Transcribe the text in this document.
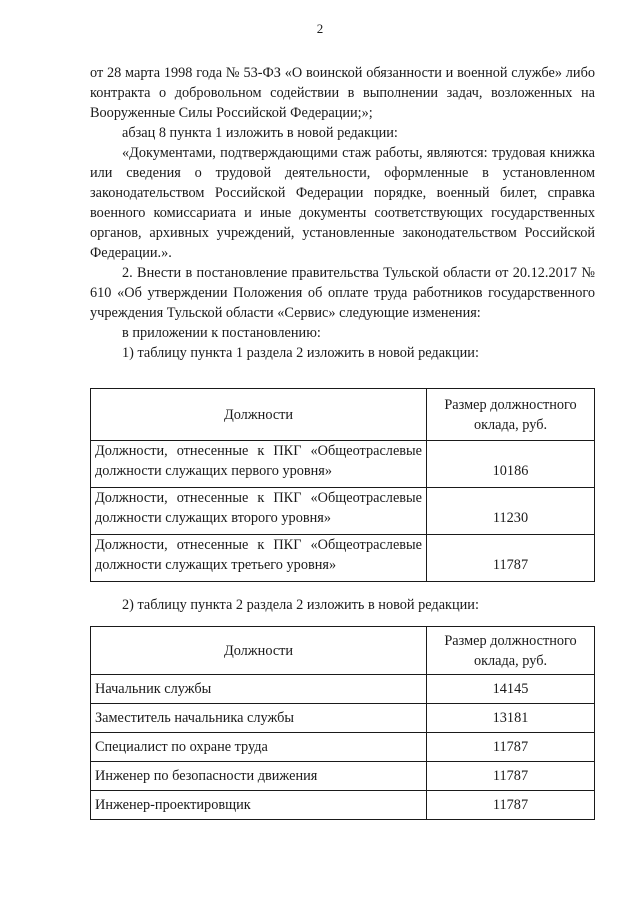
2

от 28 марта 1998 года № 53-ФЗ «О воинской обязанности и военной службе» либо контракта о добровольном содействии в выполнении задач, возложенных на Вооруженные Силы Российской Федерации;»;

абзац 8 пункта 1 изложить в новой редакции:

«Документами, подтверждающими стаж работы, являются: трудовая книжка или сведения о трудовой деятельности, оформленные в установленном законодательством Российской Федерации порядке, военный билет, справка военного комиссариата и иные документы соответствующих государственных органов, архивных учреждений, установленные законодательством Российской Федерации.».

2. Внести в постановление правительства Тульской области от 20.12.2017 № 610 «Об утверждении Положения об оплате труда работников государственного учреждения Тульской области «Сервис» следующие изменения:

в приложении к постановлению:

1) таблицу пункта 1 раздела 2 изложить в новой редакции:

Должности	Размер должностного оклада, руб.
Должности, отнесенные к ПКГ «Общеотраслевые должности служащих первого уровня»	10186
Должности, отнесенные к ПКГ «Общеотраслевые должности служащих второго уровня»	11230
Должности, отнесенные к ПКГ «Общеотраслевые должности служащих третьего уровня»	11787
2) таблицу пункта 2 раздела 2 изложить в новой редакции:
Должности	Размер должностного оклада, руб.
Начальник службы	14145
Заместитель начальника службы	13181
Специалист по охране труда	11787
Инженер по безопасности движения	11787
Инженер-проектировщик	11787
